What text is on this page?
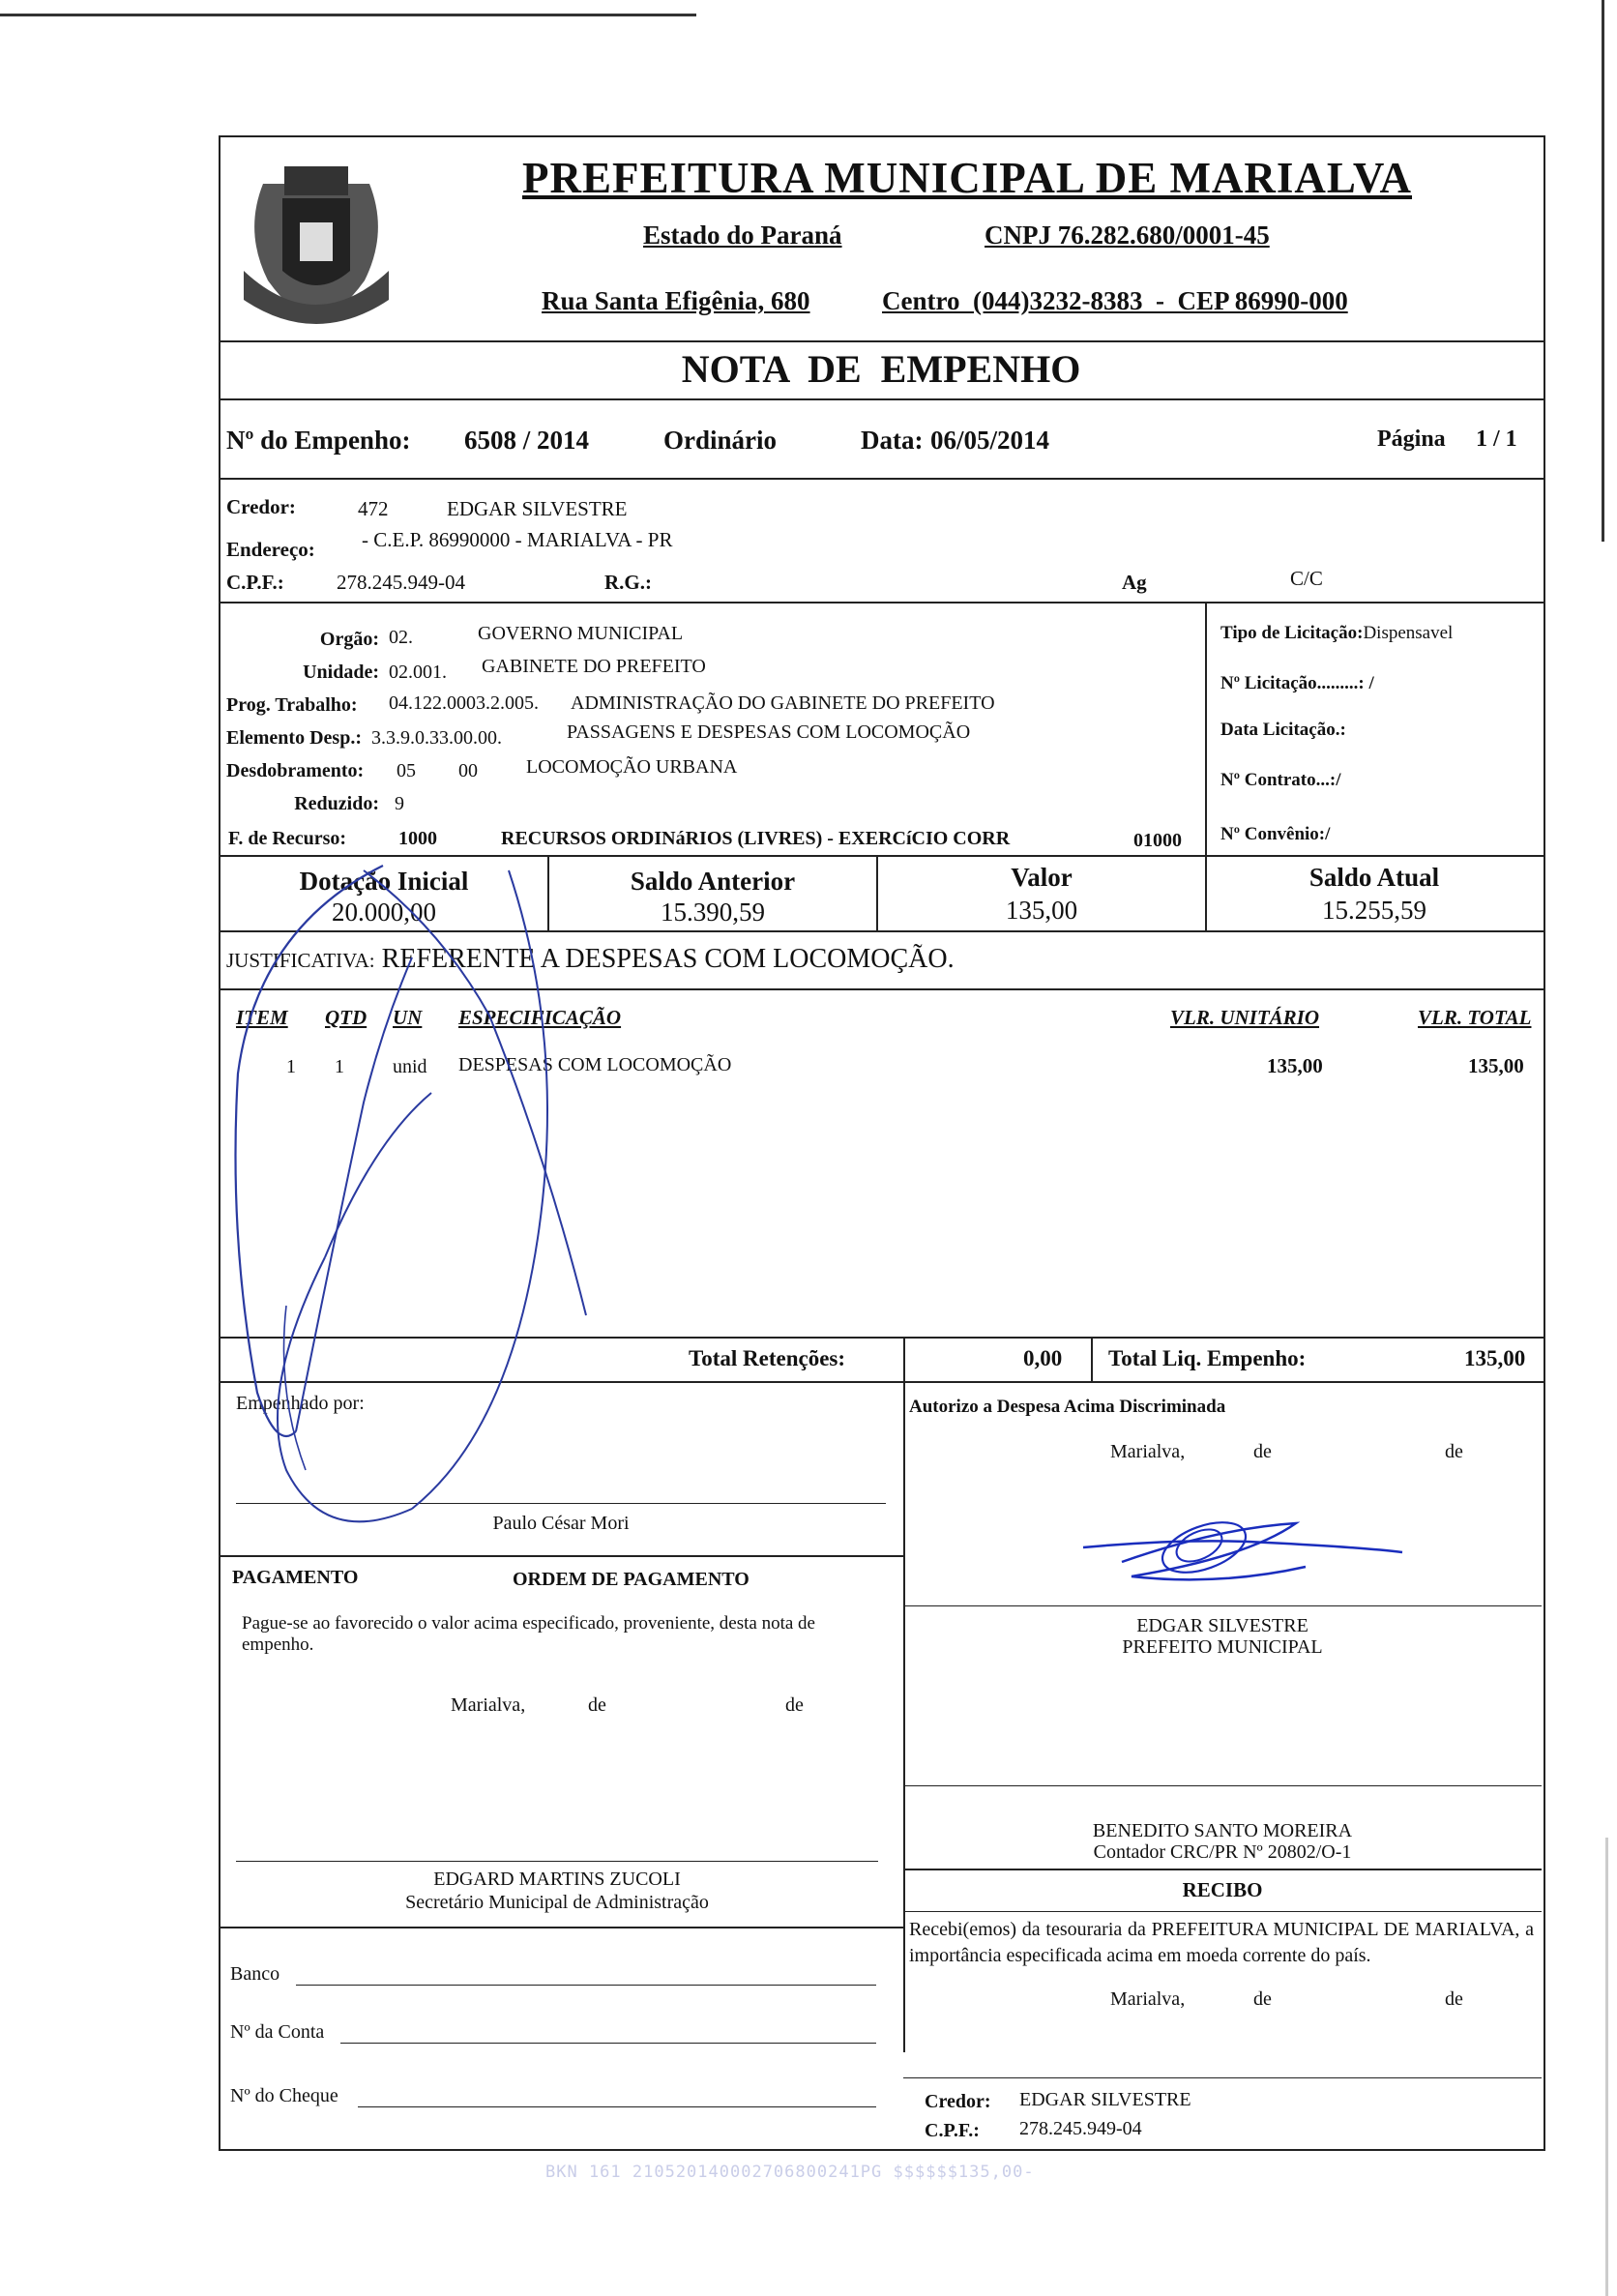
PREFEITURA MUNICIPAL DE MARIALVA
Estado do Paraná	CNPJ 76.282.680/0001-45
Rua Santa Efigênia, 680	Centro  (044)3232-8383  -  CEP 86990-000
NOTA  DE  EMPENHO
Nº do Empenho: 6508 / 2014	Ordinário	Data: 06/05/2014	Página 1 / 1
Credor:	472	EDGAR SILVESTRE
Endereço: - C.E.P. 86990000 - MARIALVA - PR
C.P.F.:	278.245.949-04	R.G.:	Ag	C/C
Orgão: 02.	GOVERNO MUNICIPAL
Unidade: 02.001. GABINETE DO PREFEITO
Prog. Trabalho: 04.122.0003.2.005. ADMINISTRAÇÃO DO GABINETE DO PREFEITO
Elemento Desp.: 3.3.9.0.33.00.00.	PASSAGENS E DESPESAS COM LOCOMOÇÃO
Desdobramento: 05 00	LOCOMOÇÃO URBANA
Reduzido: 9
F. de Recurso:	1000	RECURSOS ORDINáRIOS (LIVRES) - EXERCíCIO CORR	01000
Tipo de Licitação:Dispensavel
Nº Licitação.........: /
Data Licitação.:
Nº Contrato...:/
Nº Convênio:/
Dotação Inicial
20.000,00
Saldo Anterior
15.390,59
Valor
135,00
Saldo Atual
15.255,59
JUSTIFICATIVA: REFERENTE A DESPESAS COM LOCOMOÇÃO.
ITEM QTD UN ESPECIFICAÇÃO	VLR. UNITÁRIO	VLR. TOTAL
1 1	unid DESPESAS COM LOCOMOÇÃO	135,00	135,00
Total Retenções:	0,00 Total Liq. Empenho:	135,00
Empenhado por:
Paulo César Mori
Autorizo a Despesa Acima Discriminada
Marialva,	de	de
EDGAR SILVESTRE
PREFEITO MUNICIPAL
PAGAMENTO	ORDEM DE PAGAMENTO
Pague-se ao favorecido o valor acima especificado, proveniente, desta nota de empenho.
Marialva,	de	de
EDGARD MARTINS ZUCOLI
Secretário Municipal de Administração
Banco
Nº da Conta
Nº do Cheque
BENEDITO SANTO MOREIRA
Contador CRC/PR Nº 20802/O-1
RECIBO
Recebi(emos) da tesouraria da PREFEITURA MUNICIPAL DE MARIALVA, a importância especificada acima em moeda corrente do país.
Marialva,	de	de
Credor: EDGAR SILVESTRE
C.P.F.: 278.245.949-04
BKN 161 210520140002706800241PG $$$$$$135,00-
